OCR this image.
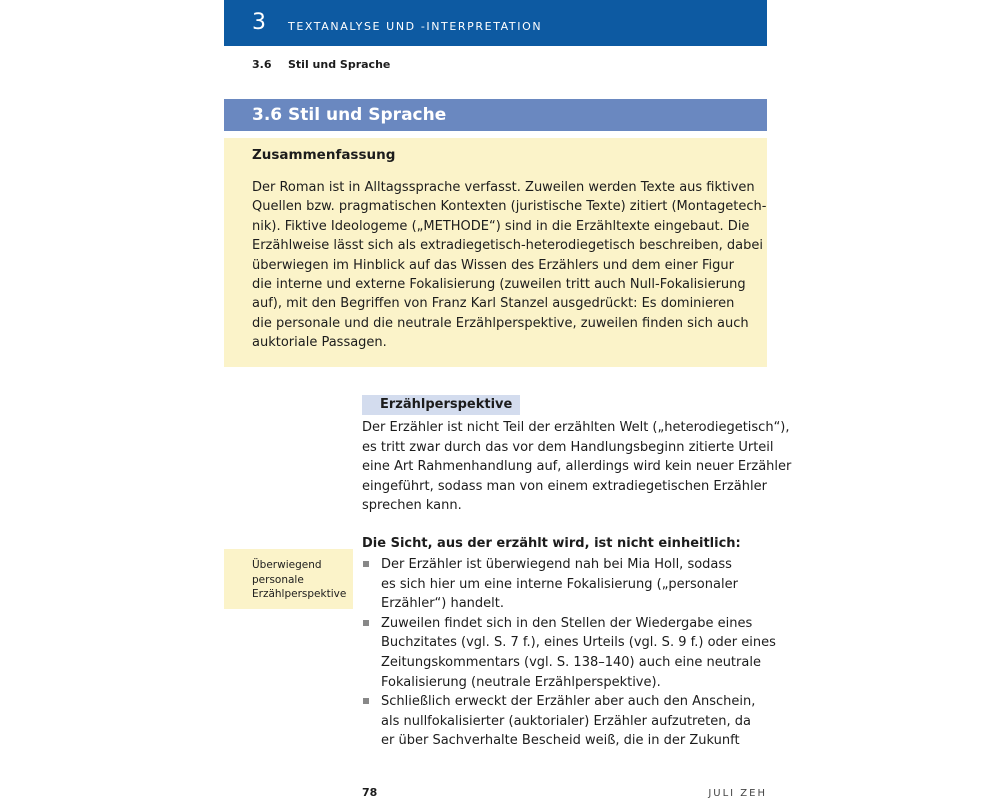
3 TEXTANALYSE UND -INTERPRETATION
3.6 Stil und Sprache
3.6 Stil und Sprache
Zusammenfassung
Der Roman ist in Alltagssprache verfasst. Zuweilen werden Texte aus fiktiven
Quellen bzw. pragmatischen Kontexten (juristische Texte) zitiert (Montagetech-
nik). Fiktive Ideologeme („METHODE“) sind in die Erzähltexte eingebaut. Die
Erzählweise lässt sich als extradiegetisch-heterodiegetisch beschreiben, dabei
überwiegen im Hinblick auf das Wissen des Erzählers und dem einer Figur
die interne und externe Fokalisierung (zuweilen tritt auch Null-Fokalisierung
auf), mit den Begriffen von Franz Karl Stanzel ausgedrückt: Es dominieren
die personale und die neutrale Erzählperspektive, zuweilen finden sich auch
auktoriale Passagen.
Erzählperspektive
Der Erzähler ist nicht Teil der erzählten Welt („heterodiegetisch“),
es tritt zwar durch das vor dem Handlungsbeginn zitierte Urteil
eine Art Rahmenhandlung auf, allerdings wird kein neuer Erzähler
eingeführt, sodass man von einem extradiegetischen Erzähler
sprechen kann.
Die Sicht, aus der erzählt wird, ist nicht einheitlich:
Überwiegend personale Erzählperspektive
Der Erzähler ist überwiegend nah bei Mia Holl, sodass
es sich hier um eine interne Fokalisierung („personaler
Erzähler“) handelt.
Zuweilen findet sich in den Stellen der Wiedergabe eines
Buchzitates (vgl. S. 7 f.), eines Urteils (vgl. S. 9 f.) oder eines
Zeitungskommentars (vgl. S. 138–140) auch eine neutrale
Fokalisierung (neutrale Erzählperspektive).
Schließlich erweckt der Erzähler aber auch den Anschein,
als nullfokalisierter (auktorialer) Erzähler aufzutreten, da
er über Sachverhalte Bescheid weiß, die in der Zukunft
78	JULI ZEH
